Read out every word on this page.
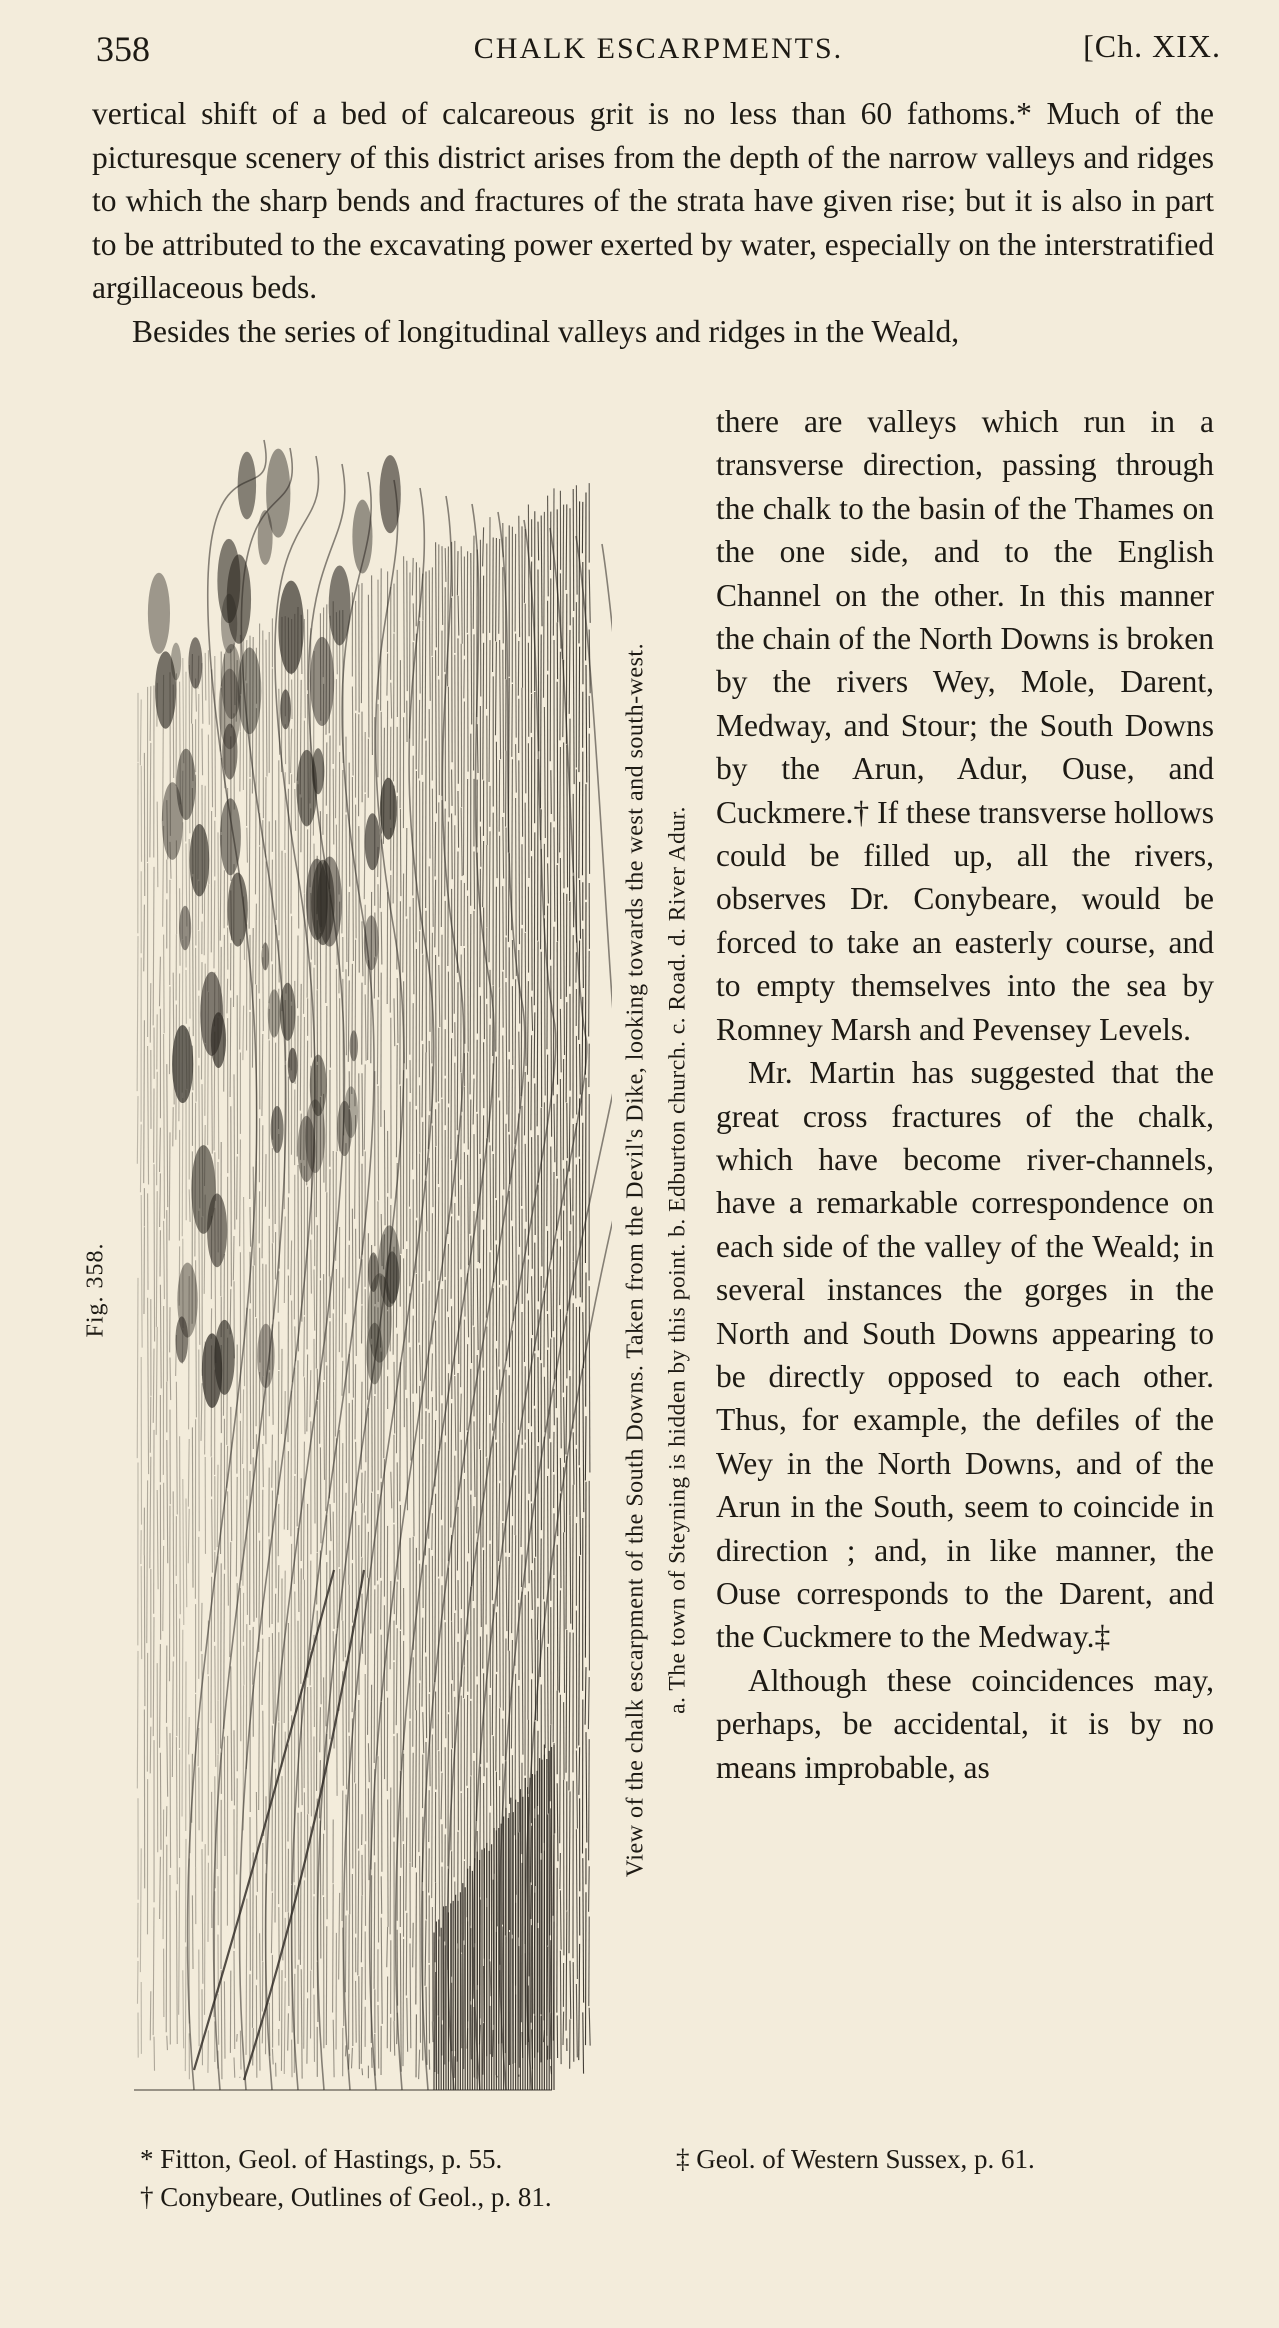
358	CHALK ESCARPMENTS.	[Ch. XIX.

vertical shift of a bed of calcareous grit is no less than 60 fathoms.* Much of the picturesque scenery of this district arises from the depth of the narrow valleys and ridges to which the sharp bends and fractures of the strata have given rise; but it is also in part to be attributed to the excavating power exerted by water, especially on the interstratified argillaceous beds.

Besides the series of longitudinal valleys and ridges in the Weald,

Fig. 358.	View of the chalk escarpment of the South Downs. Taken from the Devil's Dike, looking towards the west and south-west. a. The town of Steyning is hidden by this point. b. Edburton church. c. Road. d. River Adur.

there are valleys which run in a transverse direction, passing through the chalk to the basin of the Thames on the one side, and to the English Channel on the other. In this manner the chain of the North Downs is broken by the rivers Wey, Mole, Darent, Medway, and Stour; the South Downs by the Arun, Adur, Ouse, and Cuckmere.† If these transverse hollows could be filled up, all the rivers, observes Dr. Conybeare, would be forced to take an easterly course, and to empty themselves into the sea by Romney Marsh and Pevensey Levels.

Mr. Martin has suggested that the great cross fractures of the chalk, which have become river-channels, have a remarkable correspondence on each side of the valley of the Weald; in several instances the gorges in the North and South Downs appearing to be directly opposed to each other. Thus, for example, the defiles of the Wey in the North Downs, and of the Arun in the South, seem to coincide in direction ; and, in like manner, the Ouse corresponds to the Darent, and the Cuckmere to the Medway.‡

Although these coincidences may, perhaps, be accidental, it is by no means improbable, as

* Fitton, Geol. of Hastings, p. 55.
† Conybeare, Outlines of Geol., p. 81.
‡ Geol. of Western Sussex, p. 61.
